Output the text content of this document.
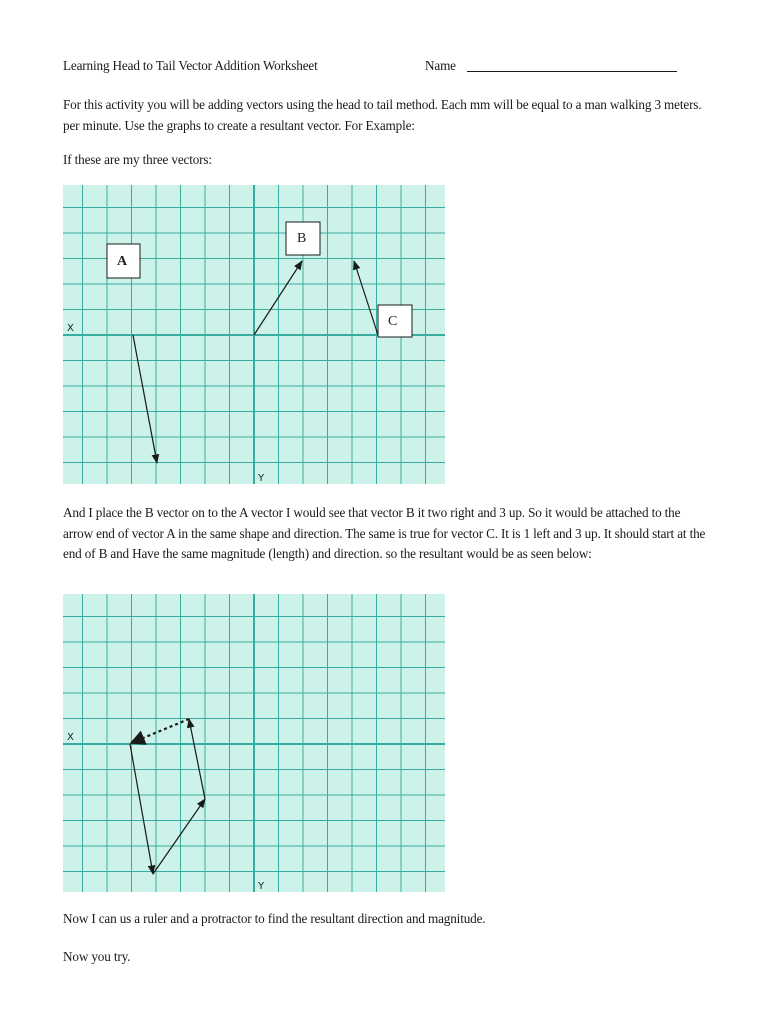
Learning Head to Tail Vector Addition Worksheet	Name
For this activity you will be adding vectors using the head to tail method. Each mm will be equal to a man walking 3 meters. per minute. Use the graphs to create a resultant vector. For Example:
If these are my three vectors:
X
Y
A
B
C
And I place the B vector on to the A vector I would see that vector B it two right and 3 up. So it would be attached to the arrow end of vector A in the same shape and direction. The same is true for vector C. It is 1 left and 3 up. It should start at the end of B and Have the same magnitude (length) and direction. so the resultant would be as seen below:
X
Y
Now I can us a ruler and a protractor to find the resultant direction and magnitude.
Now you try.
